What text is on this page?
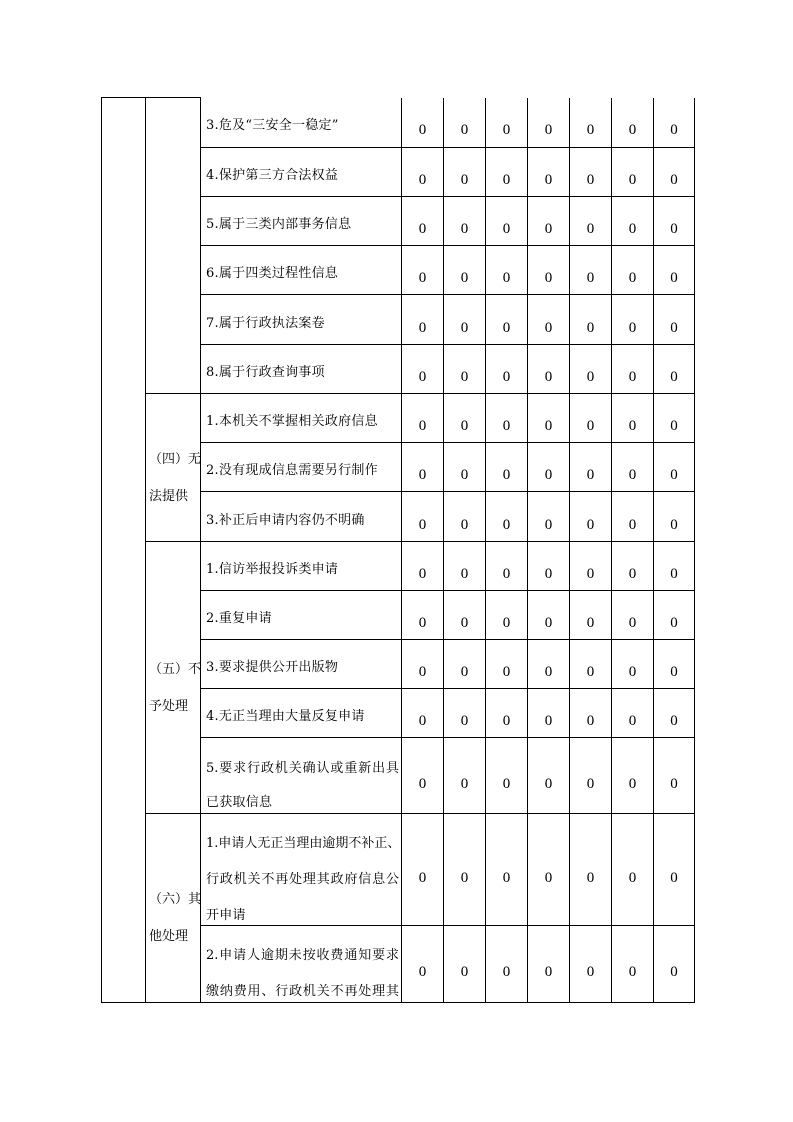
		3.危及“三安全一稳定”	0	0	0	0	0	0	0

		4.保护第三方合法权益	0	0	0	0	0	0	0

		5.属于三类内部事务信息	0	0	0	0	0	0	0

		6.属于四类过程性信息	0	0	0	0	0	0	0

		7.属于行政执法案卷	0	0	0	0	0	0	0

		8.属于行政查询事项	0	0	0	0	0	0	0

	（四）无
法提供	1.本机关不掌握相关政府信息	0	0	0	0	0	0	0

		2.没有现成信息需要另行制作	0	0	0	0	0	0	0

		3.补正后申请内容仍不明确	0	0	0	0	0	0	0

	（五）不
予处理	1.信访举报投诉类申请	0	0	0	0	0	0	0

		2.重复申请	0	0	0	0	0	0	0

		3.要求提供公开出版物	0	0	0	0	0	0	0

		4.无正当理由大量反复申请	0	0	0	0	0	0	0

		5.要求行政机关确认或重新出具
已获取信息	0	0	0	0	0	0	0

	（六）其
他处理	1.申请人无正当理由逾期不补正、
行政机关不再处理其政府信息公
开申请	0	0	0	0	0	0	0

		2.申请人逾期未按收费通知要求
缴纳费用、行政机关不再处理其	0	0	0	0	0	0	0
